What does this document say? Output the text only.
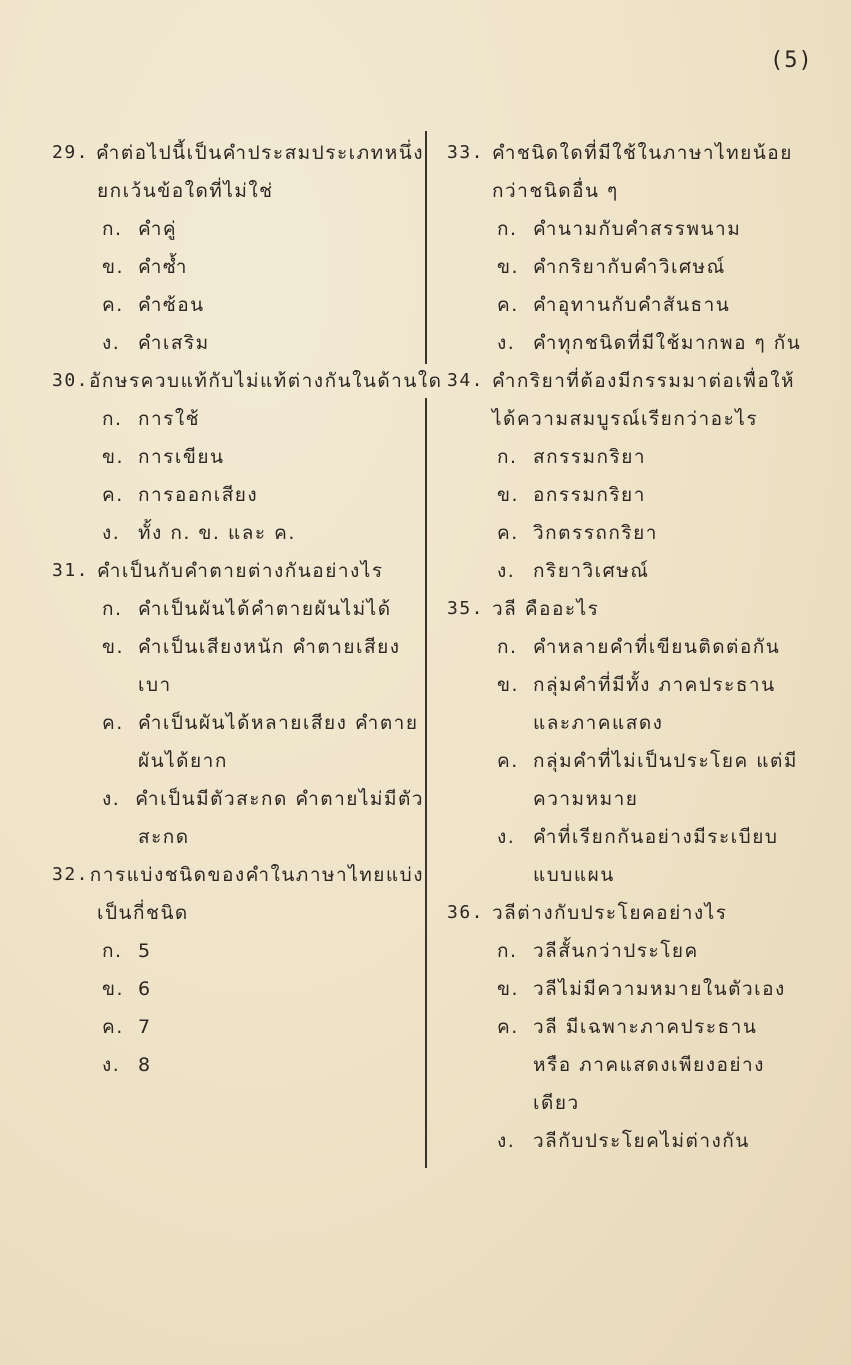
(5)
29. คำต่อไปนี้เป็นคำประสมประเภทหนึ่ง
ยกเว้นข้อใดที่ไม่ใช่
ก. คำคู่
ข. คำซ้ำ
ค. คำซ้อน
ง. คำเสริม
30. อักษรควบแท้กับไม่แท้ต่างกันในด้านใด
ก. การใช้
ข. การเขียน
ค. การออกเสียง
ง. ทั้ง ก. ข. และ ค.
31. คำเป็นกับคำตายต่างกันอย่างไร
ก. คำเป็นผันได้คำตายผันไม่ได้
ข. คำเป็นเสียงหนัก คำตายเสียง
เบา
ค. คำเป็นผันได้หลายเสียง คำตาย
ผันได้ยาก
ง. คำเป็นมีตัวสะกด คำตายไม่มีตัว
สะกด
32. การแบ่งชนิดของคำในภาษาไทยแบ่ง
เป็นกี่ชนิด
ก. 5
ข. 6
ค. 7
ง. 8
33. คำชนิดใดที่มีใช้ในภาษาไทยน้อย
กว่าชนิดอื่น ๆ
ก. คำนามกับคำสรรพนาม
ข. คำกริยากับคำวิเศษณ์
ค. คำอุทานกับคำสันธาน
ง. คำทุกชนิดที่มีใช้มากพอ ๆ กัน
34. คำกริยาที่ต้องมีกรรมมาต่อเพื่อให้
ได้ความสมบูรณ์เรียกว่าอะไร
ก. สกรรมกริยา
ข. อกรรมกริยา
ค. วิกตรรถกริยา
ง. กริยาวิเศษณ์
35. วลี คืออะไร
ก. คำหลายคำที่เขียนติดต่อกัน
ข. กลุ่มคำที่มีทั้ง ภาคประธาน
และภาคแสดง
ค. กลุ่มคำที่ไม่เป็นประโยค แต่มี
ความหมาย
ง. คำที่เรียกกันอย่างมีระเบียบ
แบบแผน
36. วลีต่างกับประโยคอย่างไร
ก. วลีสั้นกว่าประโยค
ข. วลีไม่มีความหมายในตัวเอง
ค. วลี มีเฉพาะภาคประธาน
หรือ ภาคแสดงเพียงอย่าง
เดียว
ง. วลีกับประโยคไม่ต่างกัน
